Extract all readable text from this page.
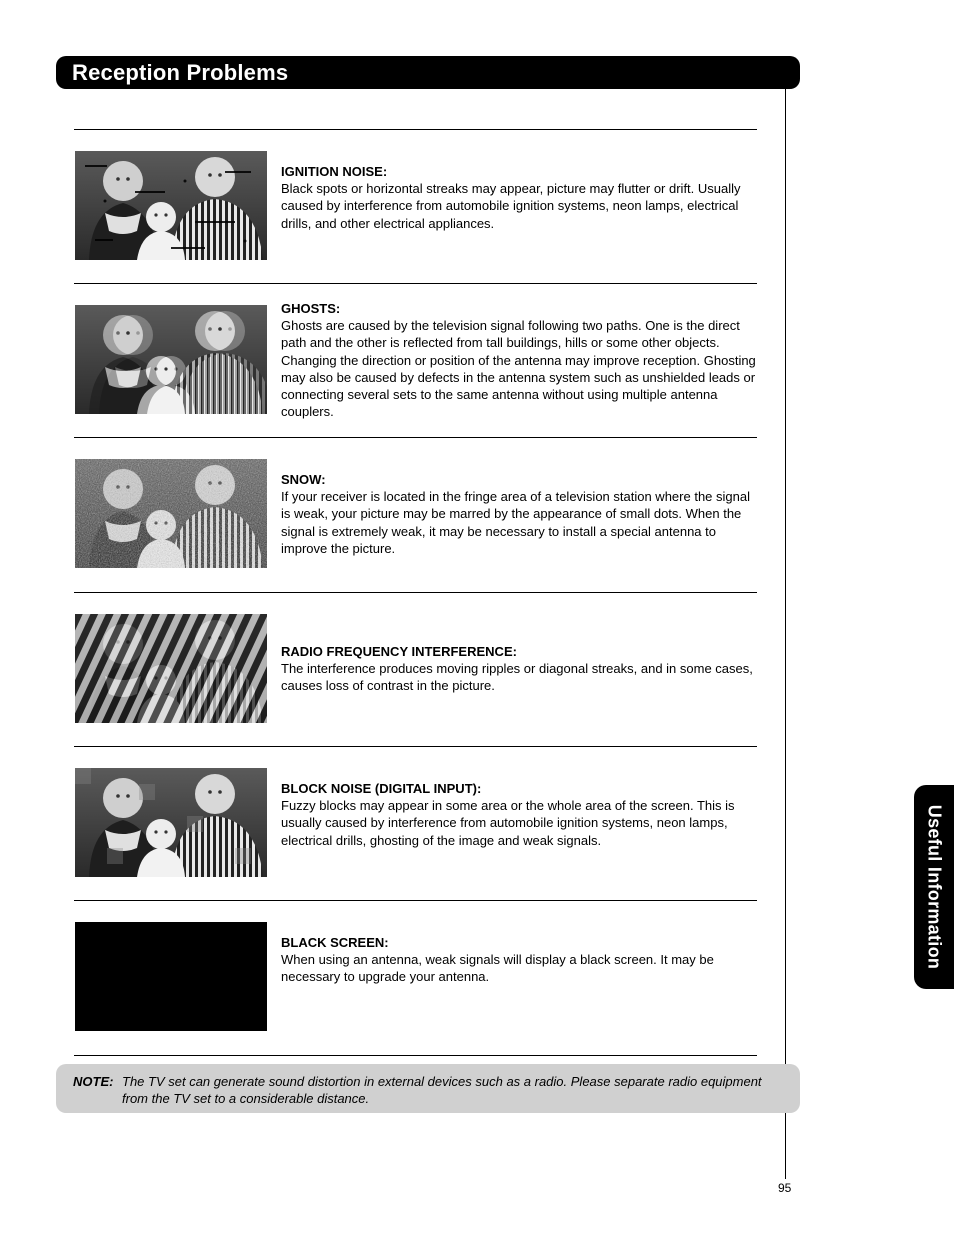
Reception Problems
Useful Information
IGNITION NOISE:
Black spots or horizontal streaks may appear, picture may flutter or drift. Usually caused by interference from automobile ignition systems, neon lamps, electrical drills, and other electrical appliances.
GHOSTS:
Ghosts are caused by the television signal following two paths. One is the direct path and the other is reflected from tall buildings, hills or some other objects. Changing the direction or position of the antenna may improve reception. Ghosting may also be caused by defects in the antenna system such as unshielded leads or connecting several sets to the same antenna without using multiple antenna couplers.
SNOW:
If your receiver is located in the fringe area of a television station where the signal is weak, your picture may be marred by the appearance of small dots. When the signal is extremely weak, it may be necessary to install a special antenna to improve the picture.
RADIO FREQUENCY INTERFERENCE:
The interference produces moving ripples or diagonal streaks, and in some cases, causes loss of contrast in the picture.
BLOCK NOISE (DIGITAL INPUT):
Fuzzy blocks may appear in some area or the whole area of the screen. This is usually caused by interference from automobile ignition systems, neon lamps, electrical drills, ghosting of the image and weak signals.
BLACK SCREEN:
When using an antenna, weak signals will display a black screen. It may be necessary to upgrade your antenna.
NOTE: The TV set can generate sound distortion in external devices such as a radio. Please separate radio equipment from the TV set to a considerable distance.
95
